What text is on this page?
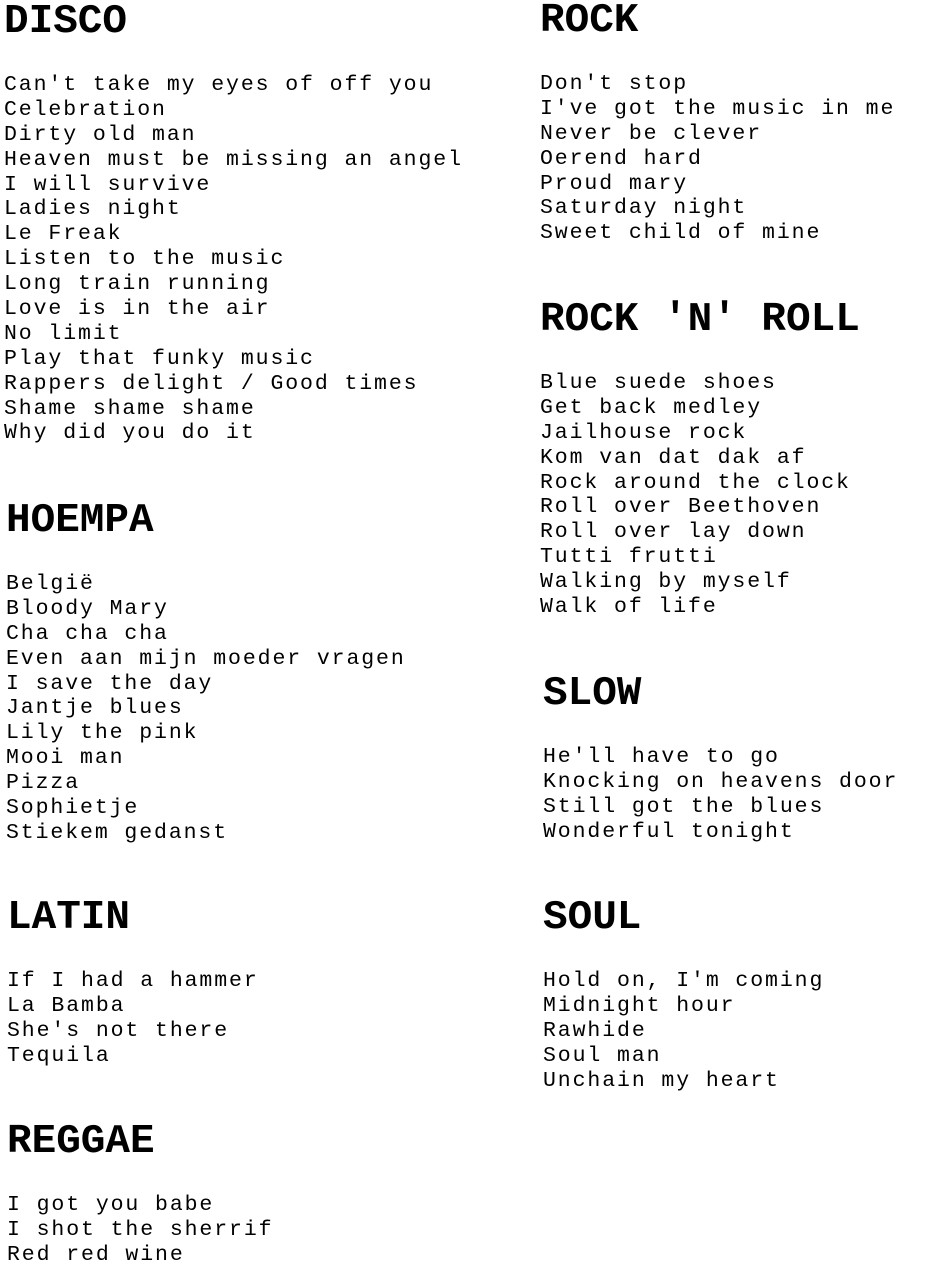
DISCO
Can't take my eyes of off you
Celebration
Dirty old man
Heaven must be missing an angel
I will survive
Ladies night
Le Freak
Listen to the music
Long train running
Love is in the air
No limit
Play that funky music
Rappers delight / Good times
Shame shame shame
Why did you do it
HOEMPA
België
Bloody Mary
Cha cha cha
Even aan mijn moeder vragen
I save the day
Jantje blues
Lily the pink
Mooi man
Pizza
Sophietje
Stiekem gedanst
LATIN
If I had a hammer
La Bamba
She's not there
Tequila
REGGAE
I got you babe
I shot the sherrif
Red red wine
ROCK
Don't stop
I've got the music in me
Never be clever
Oerend hard
Proud mary
Saturday night
Sweet child of mine
ROCK 'N' ROLL
Blue suede shoes
Get back medley
Jailhouse rock
Kom van dat dak af
Rock around the clock
Roll over Beethoven
Roll over lay down
Tutti frutti
Walking by myself
Walk of life
SLOW
He'll have to go
Knocking on heavens door
Still got the blues
Wonderful tonight
SOUL
Hold on, I'm coming
Midnight hour
Rawhide
Soul man
Unchain my heart
